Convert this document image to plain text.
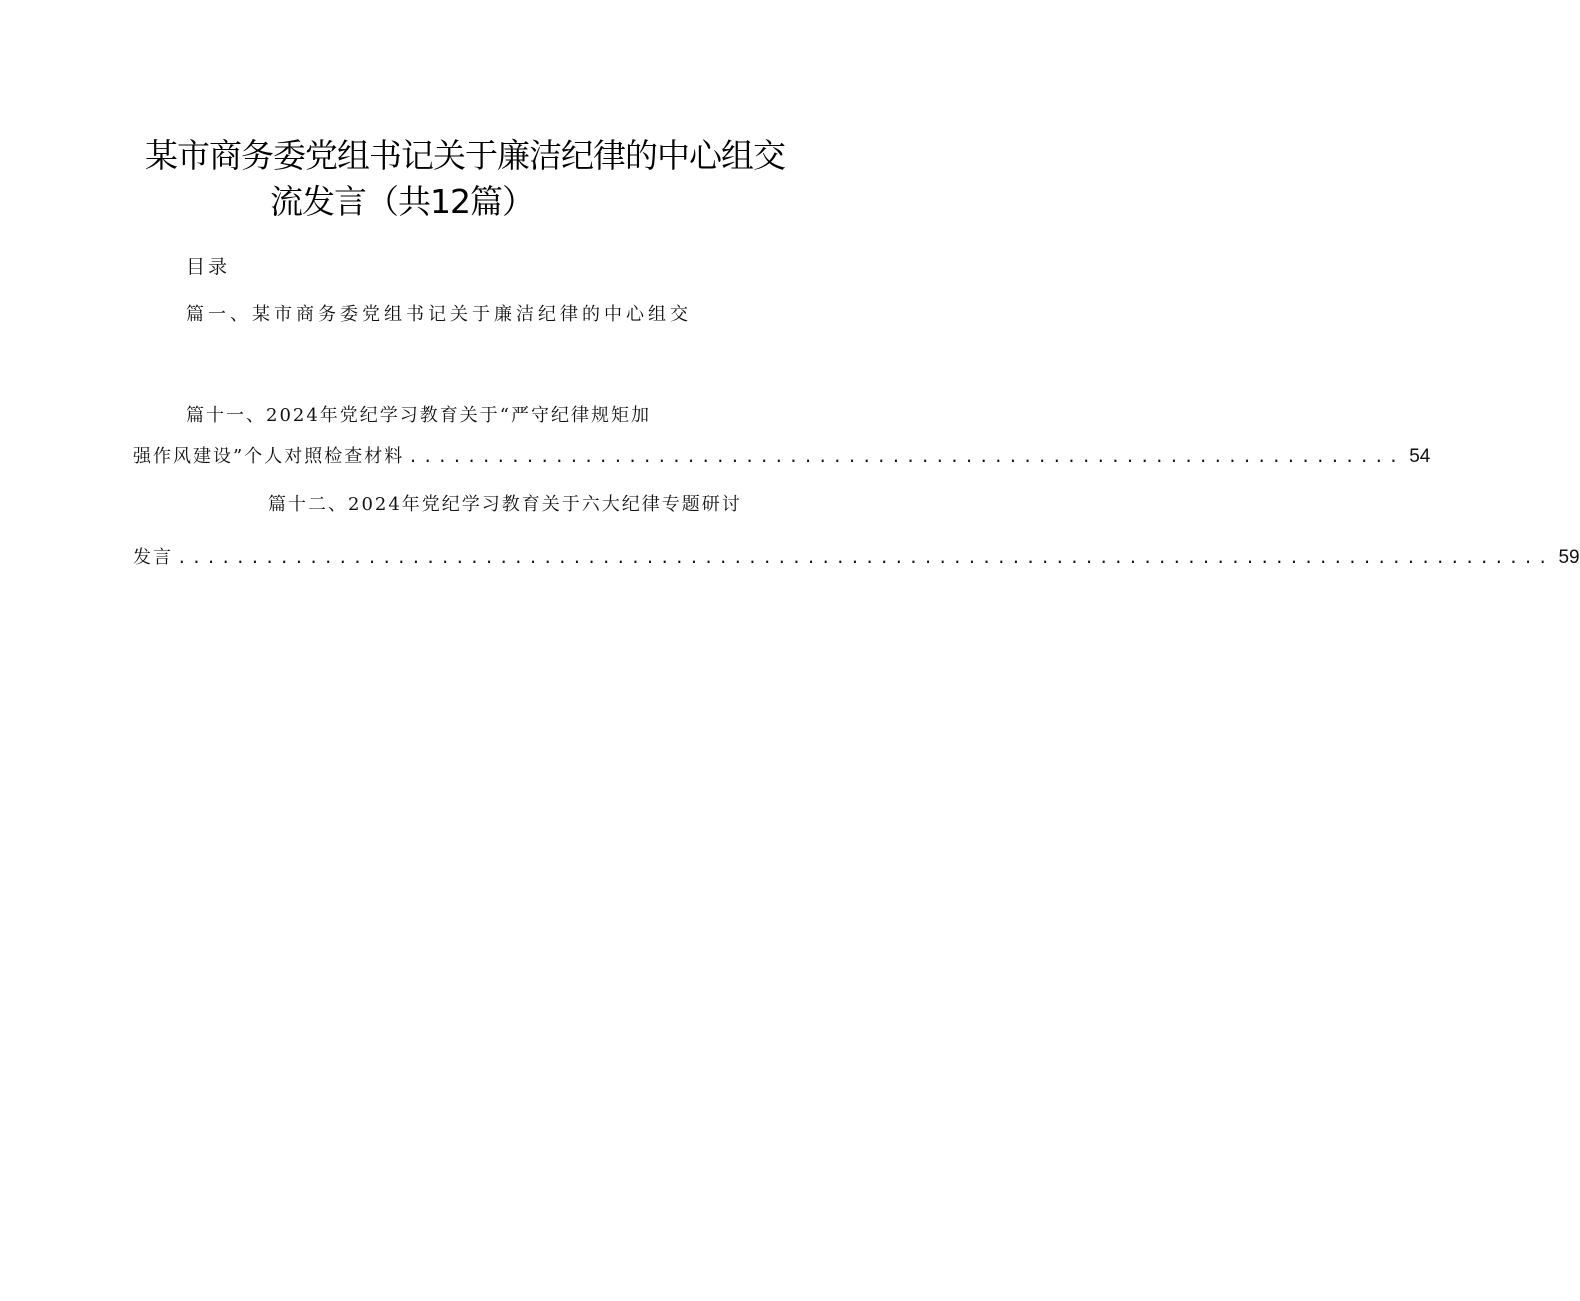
某市商务委党组书记关于廉洁纪律的中心组交
流发言（共12篇）
目录
篇一、某市商务委党组书记关于廉洁纪律的中心组交
篇十一、2024年党纪学习教育关于“严守纪律规矩加
强作风建设”个人对照检查材料 .................................................................... 54
篇十二、2024年党纪学习教育关于六大纪律专题研讨
发言 .............................................................................................. 59
